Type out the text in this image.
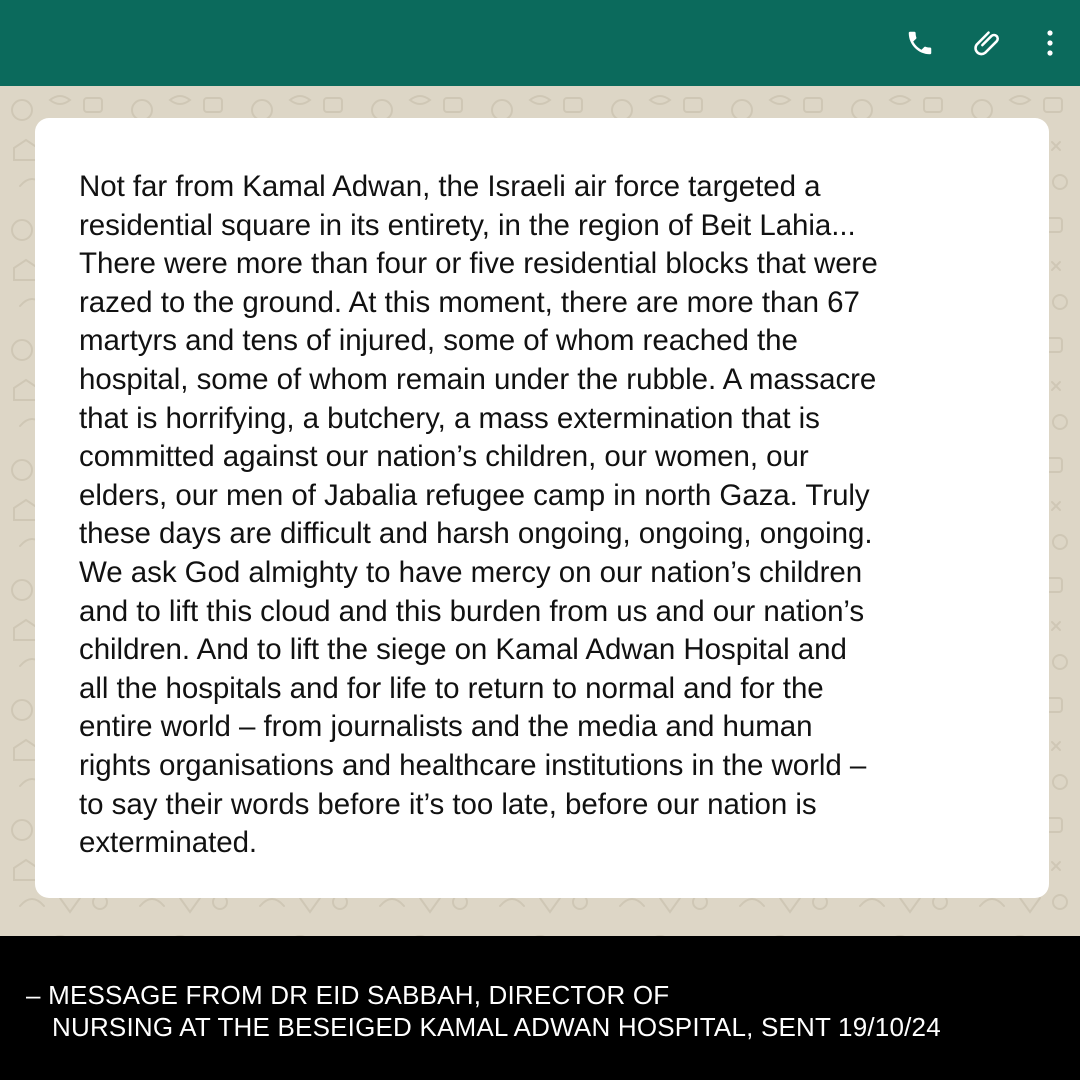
Not far from Kamal Adwan, the Israeli air force targeted a
residential square in its entirety, in the region of Beit Lahia...
There were more than four or five residential blocks that were
razed to the ground. At this moment, there are more than 67
martyrs and tens of injured, some of whom reached the
hospital, some of whom remain under the rubble. A massacre
that is horrifying, a butchery, a mass extermination that is
committed against our nation’s children, our women, our
elders, our men of Jabalia refugee camp in north Gaza. Truly
these days are difficult and harsh ongoing, ongoing, ongoing.
We ask God almighty to have mercy on our nation’s children
and to lift this cloud and this burden from us and our nation’s
children. And to lift the siege on Kamal Adwan Hospital and
all the hospitals and for life to return to normal and for the
entire world – from journalists and the media and human
rights organisations and healthcare institutions in the world –
to say their words before it’s too late, before our nation is
exterminated.

– MESSAGE FROM DR EID SABBAH, DIRECTOR OF
NURSING AT THE BESEIGED KAMAL ADWAN HOSPITAL, SENT 19/10/24
